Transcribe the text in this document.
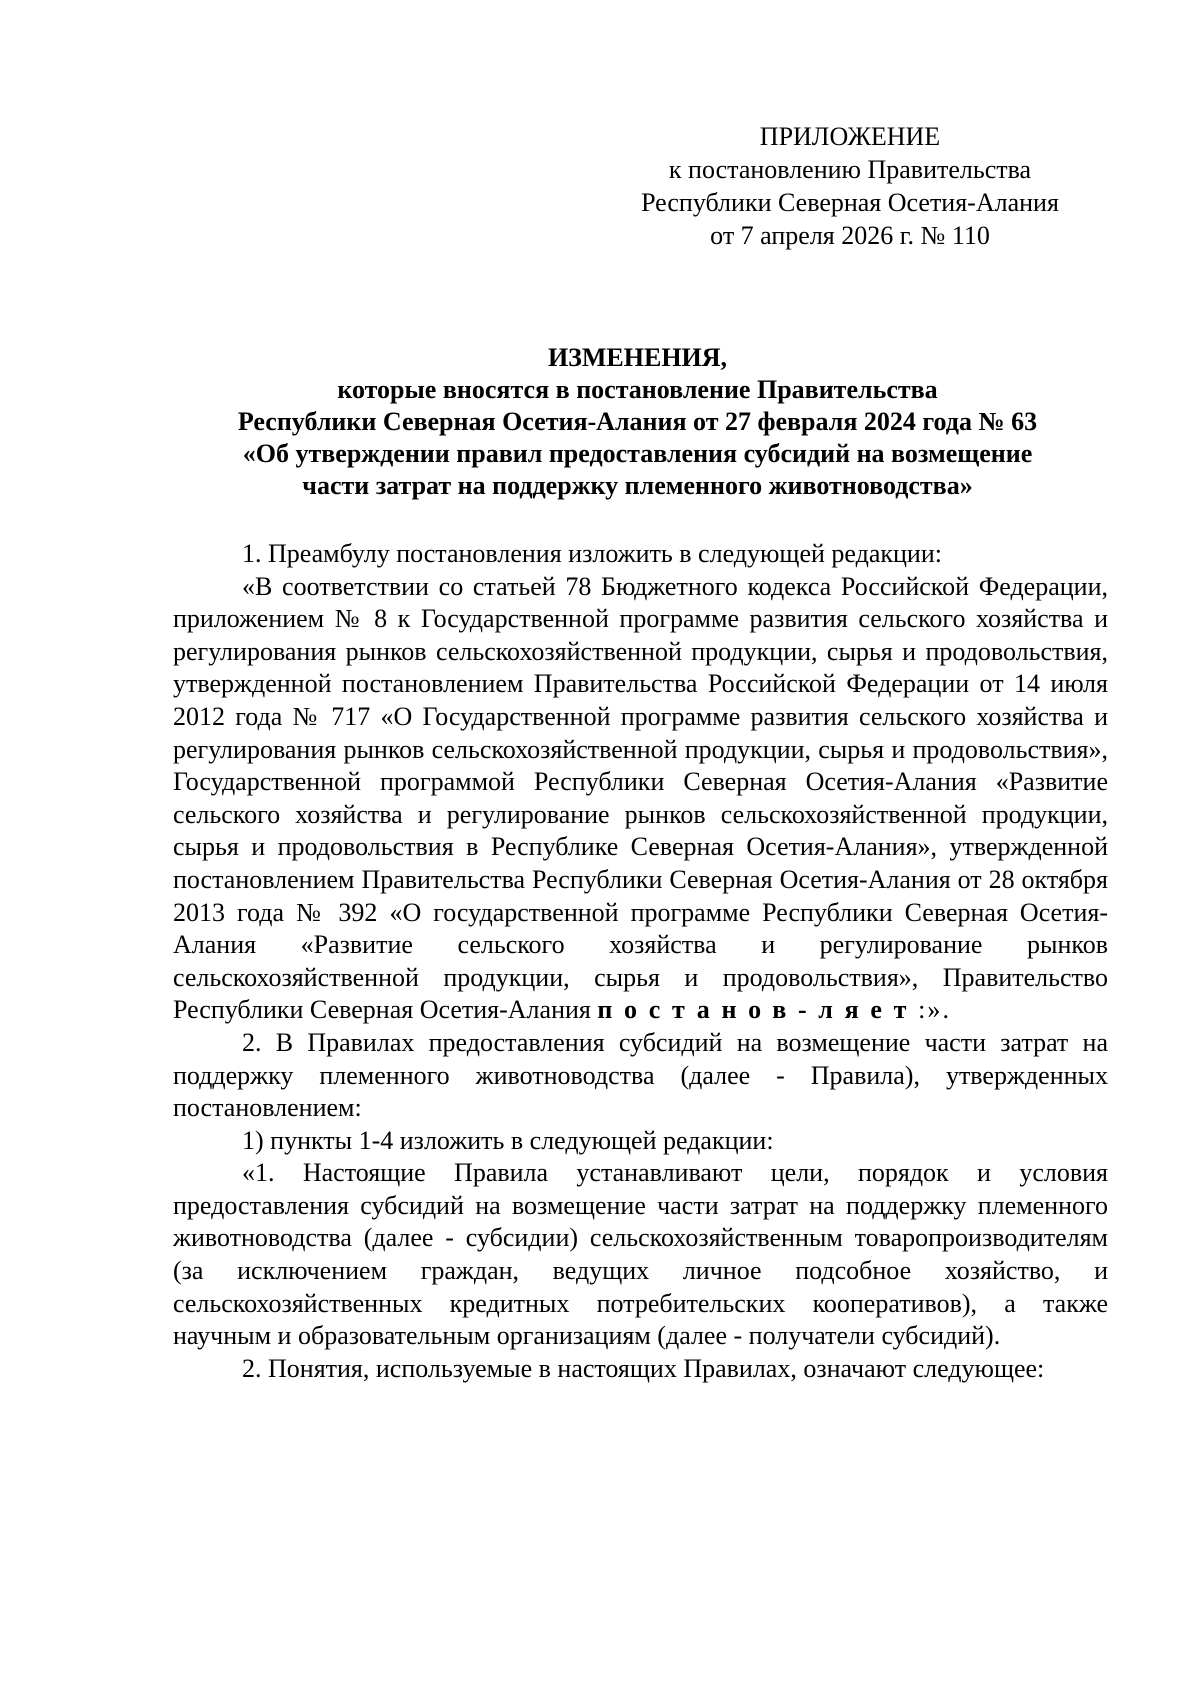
ПРИЛОЖЕНИЕ
к постановлению Правительства
Республики Северная Осетия-Алания
от 7 апреля 2026 г. № 110
ИЗМЕНЕНИЯ,
которые вносятся в постановление Правительства
Республики Северная Осетия-Алания от 27 февраля 2024 года № 63
«Об утверждении правил предоставления субсидий на возмещение
части затрат на поддержку племенного животноводства»

1. Преамбулу постановления изложить в следующей редакции:

«В соответствии со статьей 78 Бюджетного кодекса Российской Федерации, приложением № 8 к Государственной программе развития сельского хозяйства и регулирования рынков сельскохозяйственной продукции, сырья и продовольствия, утвержденной постановлением Правительства Российской Федерации от 14 июля 2012 года № 717 «О Государственной программе развития сельского хозяйства и регулирования рынков сельскохозяйственной продукции, сырья и продовольствия», Государственной программой Республики Северная Осетия-Алания «Развитие сельского хозяйства и регулирование рынков сельскохозяйственной продукции, сырья и продовольствия в Республике Северная Осетия-Алания», утвержденной постановлением Правительства Республики Северная Осетия-Алания от 28 октября 2013 года № 392 «О государственной программе Республики Северная Осетия-Алания «Развитие сельского хозяйства и регулирование рынков сельскохозяйственной продукции, сырья и продовольствия», Правительство Республики Северная Осетия-Алания постанов-ляет:».

2. В Правилах предоставления субсидий на возмещение части затрат на поддержку племенного животноводства (далее - Правила), утвержденных постановлением:

1) пункты 1-4 изложить в следующей редакции:

«1. Настоящие Правила устанавливают цели, порядок и условия предоставления субсидий на возмещение части затрат на поддержку племенного животноводства (далее - субсидии) сельскохозяйственным товаропроизводителям (за исключением граждан, ведущих личное подсобное хозяйство, и сельскохозяйственных кредитных потребительских кооперативов), а также научным и образовательным организациям (далее - получатели субсидий).

2. Понятия, используемые в настоящих Правилах, означают следующее:
